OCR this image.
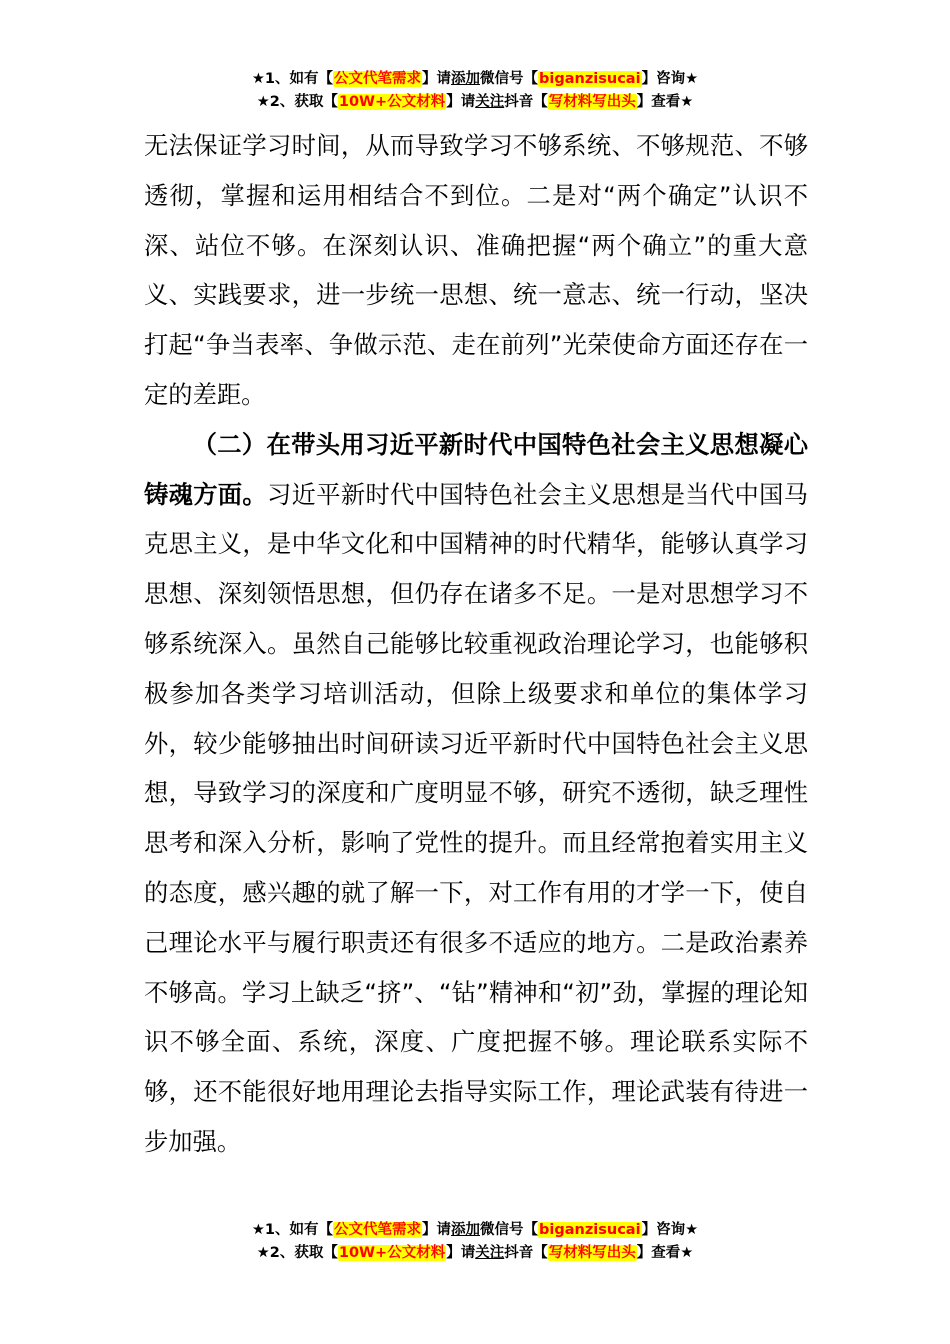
★1、如有【公文代笔需求】请添加微信号【biganzisucai】咨询★
★2、获取【10W+公文材料】请关注抖音【写材料写出头】查看★

无法保证学习时间，从而导致学习不够系统、不够规范、不够透彻，掌握和运用相结合不到位。二是对“两个确定”认识不深、站位不够。在深刻认识、准确把握“两个确立”的重大意义、实践要求，进一步统一思想、统一意志、统一行动，坚决打起“争当表率、争做示范、走在前列”光荣使命方面还存在一定的差距。

（二）在带头用习近平新时代中国特色社会主义思想凝心铸魂方面。习近平新时代中国特色社会主义思想是当代中国马克思主义，是中华文化和中国精神的时代精华，能够认真学习思想、深刻领悟思想，但仍存在诸多不足。一是对思想学习不够系统深入。虽然自己能够比较重视政治理论学习，也能够积极参加各类学习培训活动，但除上级要求和单位的集体学习外，较少能够抽出时间研读习近平新时代中国特色社会主义思想，导致学习的深度和广度明显不够，研究不透彻，缺乏理性思考和深入分析，影响了党性的提升。而且经常抱着实用主义的态度，感兴趣的就了解一下，对工作有用的才学一下，使自己理论水平与履行职责还有很多不适应的地方。二是政治素养不够高。学习上缺乏“挤”、“钻”精神和“初”劲，掌握的理论知识不够全面、系统，深度、广度把握不够。理论联系实际不够，还不能很好地用理论去指导实际工作，理论武装有待进一步加强。

★1、如有【公文代笔需求】请添加微信号【biganzisucai】咨询★
★2、获取【10W+公文材料】请关注抖音【写材料写出头】查看★
